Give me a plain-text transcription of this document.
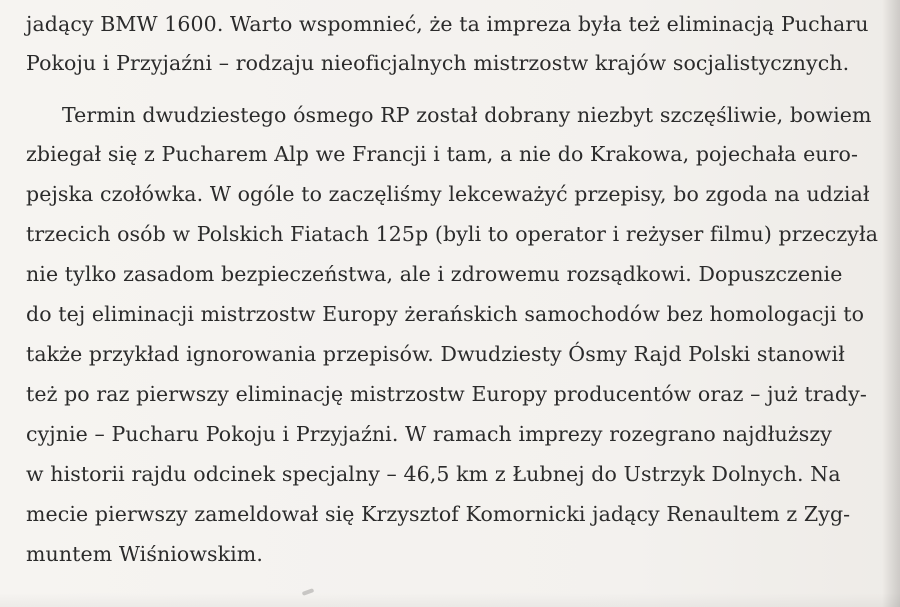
jadący BMW 1600. Warto wspomnieć, że ta impreza była też eliminacją Pucharu
Pokoju i Przyjaźni – rodzaju nieoficjalnych mistrzostw krajów socjalistycznych.
Termin dwudziestego ósmego RP został dobrany niezbyt szczęśliwie, bowiem
zbiegał się z Pucharem Alp we Francji i tam, a nie do Krakowa, pojechała euro-
pejska czołówka. W ogóle to zaczęliśmy lekceważyć przepisy, bo zgoda na udział
trzecich osób w Polskich Fiatach 125p (byli to operator i reżyser filmu) przeczyła
nie tylko zasadom bezpieczeństwa, ale i zdrowemu rozsądkowi. Dopuszczenie
do tej eliminacji mistrzostw Europy żerańskich samochodów bez homologacji to
także przykład ignorowania przepisów. Dwudziesty Ósmy Rajd Polski stanowił
też po raz pierwszy eliminację mistrzostw Europy producentów oraz – już trady-
cyjnie – Pucharu Pokoju i Przyjaźni. W ramach imprezy rozegrano najdłuższy
w historii rajdu odcinek specjalny – 46,5 km z Łubnej do Ustrzyk Dolnych. Na
mecie pierwszy zameldował się Krzysztof Komornicki jadący Renaultem z Zyg-
muntem Wiśniowskim.
